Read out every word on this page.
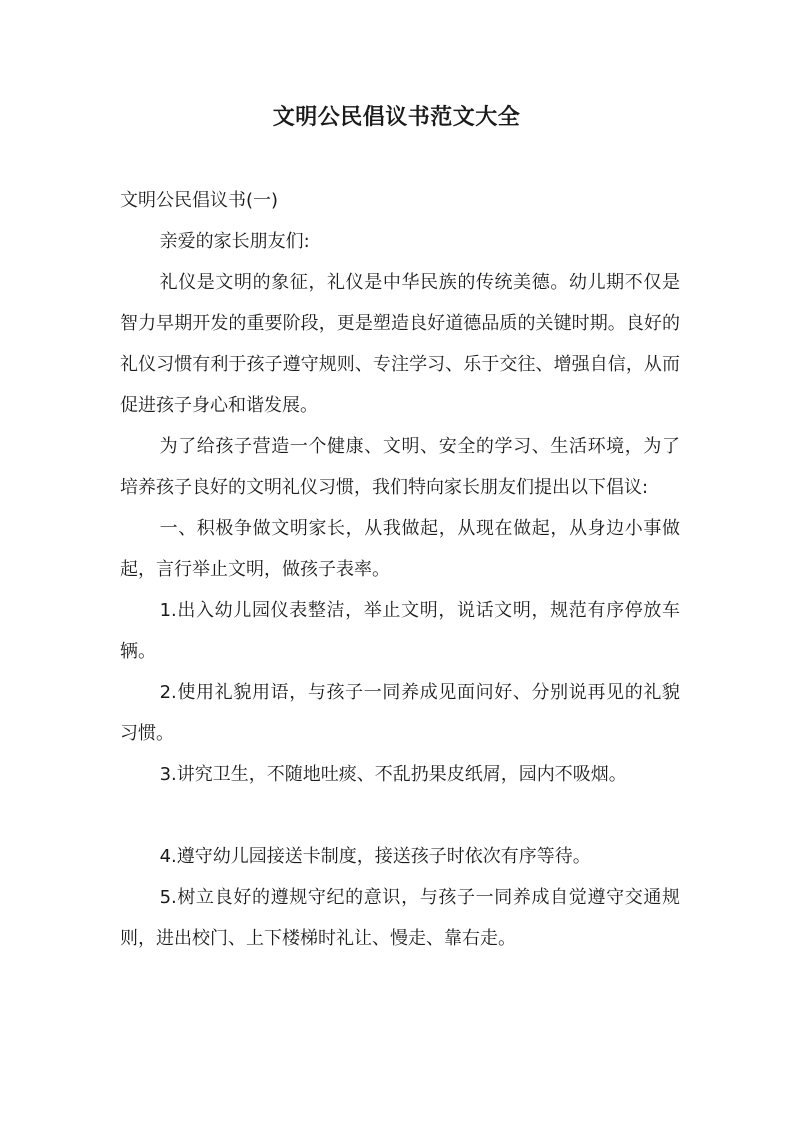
文明公民倡议书范文大全

文明公民倡议书(一)

亲爱的家长朋友们:

礼仪是文明的象征，礼仪是中华民族的传统美德。幼儿期不仅是智力早期开发的重要阶段，更是塑造良好道德品质的关键时期。良好的礼仪习惯有利于孩子遵守规则、专注学习、乐于交往、增强自信，从而促进孩子身心和谐发展。

为了给孩子营造一个健康、文明、安全的学习、生活环境，为了培养孩子良好的文明礼仪习惯，我们特向家长朋友们提出以下倡议:

一、积极争做文明家长，从我做起，从现在做起，从身边小事做起，言行举止文明，做孩子表率。

1.出入幼儿园仪表整洁，举止文明，说话文明，规范有序停放车辆。

2.使用礼貌用语，与孩子一同养成见面问好、分别说再见的礼貌习惯。

3.讲究卫生，不随地吐痰、不乱扔果皮纸屑，园内不吸烟。

4.遵守幼儿园接送卡制度，接送孩子时依次有序等待。

5.树立良好的遵规守纪的意识，与孩子一同养成自觉遵守交通规则，进出校门、上下楼梯时礼让、慢走、靠右走。
